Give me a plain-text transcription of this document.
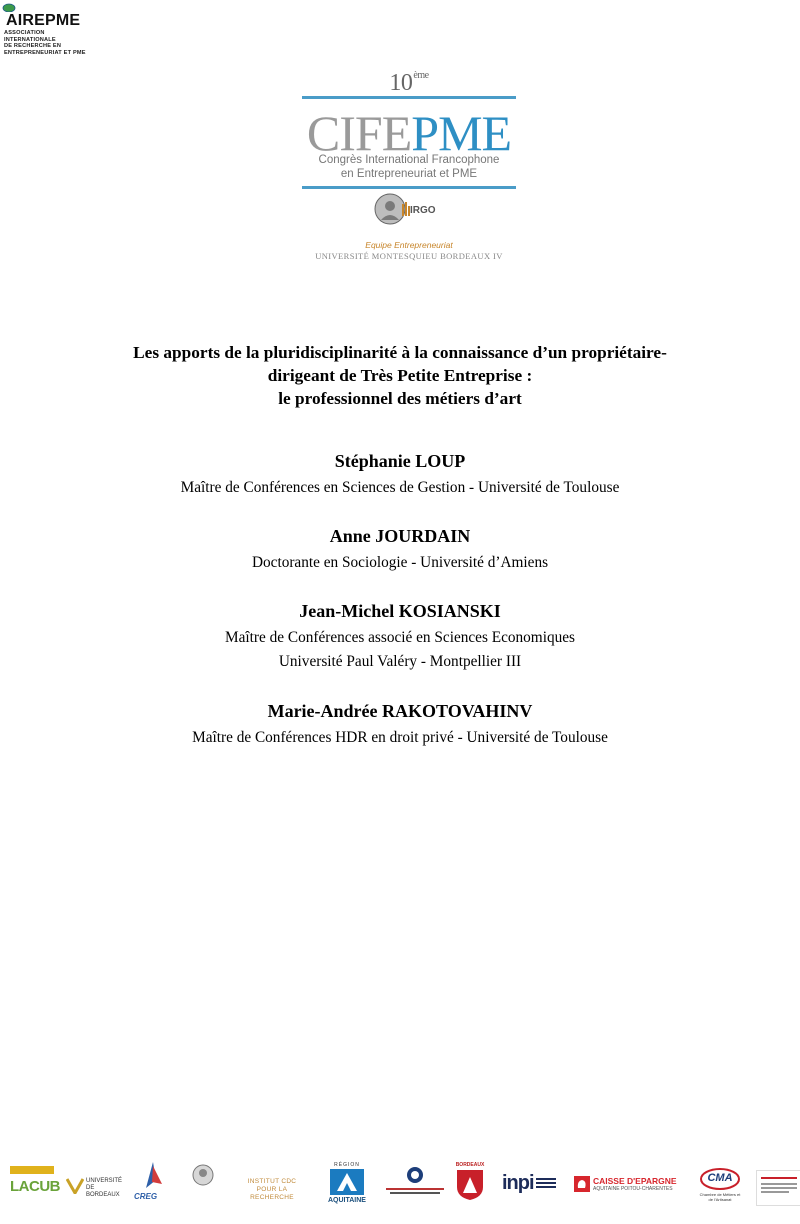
AIREPME
ASSOCIATION INTERNATIONALE
DE RECHERCHE EN
ENTREPRENEURIAT ET PME
10ème
CIFEPME
Congrès International Francophone
en Entrepreneuriat et PME
IRGO
Equipe Entrepreneuriat
UNIVERSITÉ MONTESQUIEU BORDEAUX IV
Les apports de la pluridisciplinarité à la connaissance d’un propriétaire-
dirigeant de Très Petite Entreprise :
le professionnel des métiers d’art
Stéphanie LOUP
Maître de Conférences en Sciences de Gestion - Université de Toulouse
Anne JOURDAIN
Doctorante en Sociologie - Université d’Amiens
Jean-Michel KOSIANSKI
Maître de Conférences associé en Sciences Economiques
Université Paul Valéry - Montpellier III
Marie-Andrée RAKOTOVAHINV
Maître de Conférences HDR en droit privé - Université de Toulouse
LACUB	UNIVERSITÉ DE
BORDEAUX	CREG
INSTITUT CDC
POUR LA RECHERCHE
RÉGION
AQUITAINE
BORDEAUX
inpi	CAISSE D'EPARGNE
AQUITAINE POITOU-CHARENTES
CMA
Chambre de Métiers et de l'Artisanat
